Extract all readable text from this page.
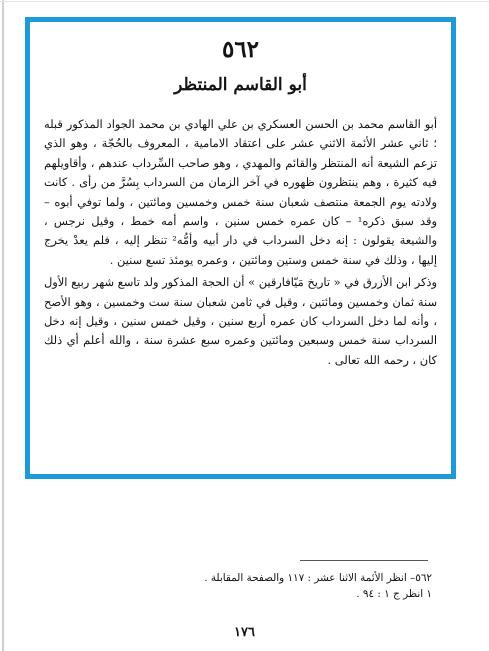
٥٦٢
أبو القاسم المنتظر

أبو القاسم محمد بن الحسن العسكري بن علي الهادي بن محمد الجواد المذكور قبله ؛ ثاني عشر الأئمة الاثني عشر على اعتقاد الامامية ، المعروف بالحُجّة ، وهو الذي تزعم الشيعة أنه المنتظر والقائم والمهدي ، وهو صاحب السِّرداب عندهم ، وأقاويلهم فيه كثيرة ، وهم ينتظرون ظهوره في آخر الزمان من السرداب بِسُرَّ من رأى . كانت ولادته يوم الجمعة منتصف شعبان سنة خمس وخمسين ومائتين ، ولما توفي أبوه – وقد سبق ذكره¹ – كان عمره خمس سنين ، واسم أمه خمط ، وقيل نرجس ، والشيعة يقولون : إنه دخل السرداب في دار أبيه وأمُّه² تنظر إليه ، فلم يعدْ يخرج إليها ، وذلك في سنة خمس وستين ومائتين ، وعمره يومئذ تسع سنين .

وذكر ابن الأزرق في « تاريخ مَيّافارقين » أن الحجة المذكور ولد تاسع شهر ربيع الأول سنة ثمان وخمسين ومائتين ، وقيل في ثامن شعبان سنة ست وخمسين ، وهو الأصح ، وأنه لما دخل السرداب كان عمره أربع سنين ، وقيل خمس سنين ، وقيل إنه دخل السرداب سنة خمس وسبعين ومائتين وعمره سبع عشرة سنة ، والله أعلم أي ذلك كان ، رحمه الله تعالى .

٥٦٢– انظر الأئمة الاثنا عشر : ١١٧ والصفحة المقابلة .
١ انظر ج ١ : ٩٤ .
١٧٦
